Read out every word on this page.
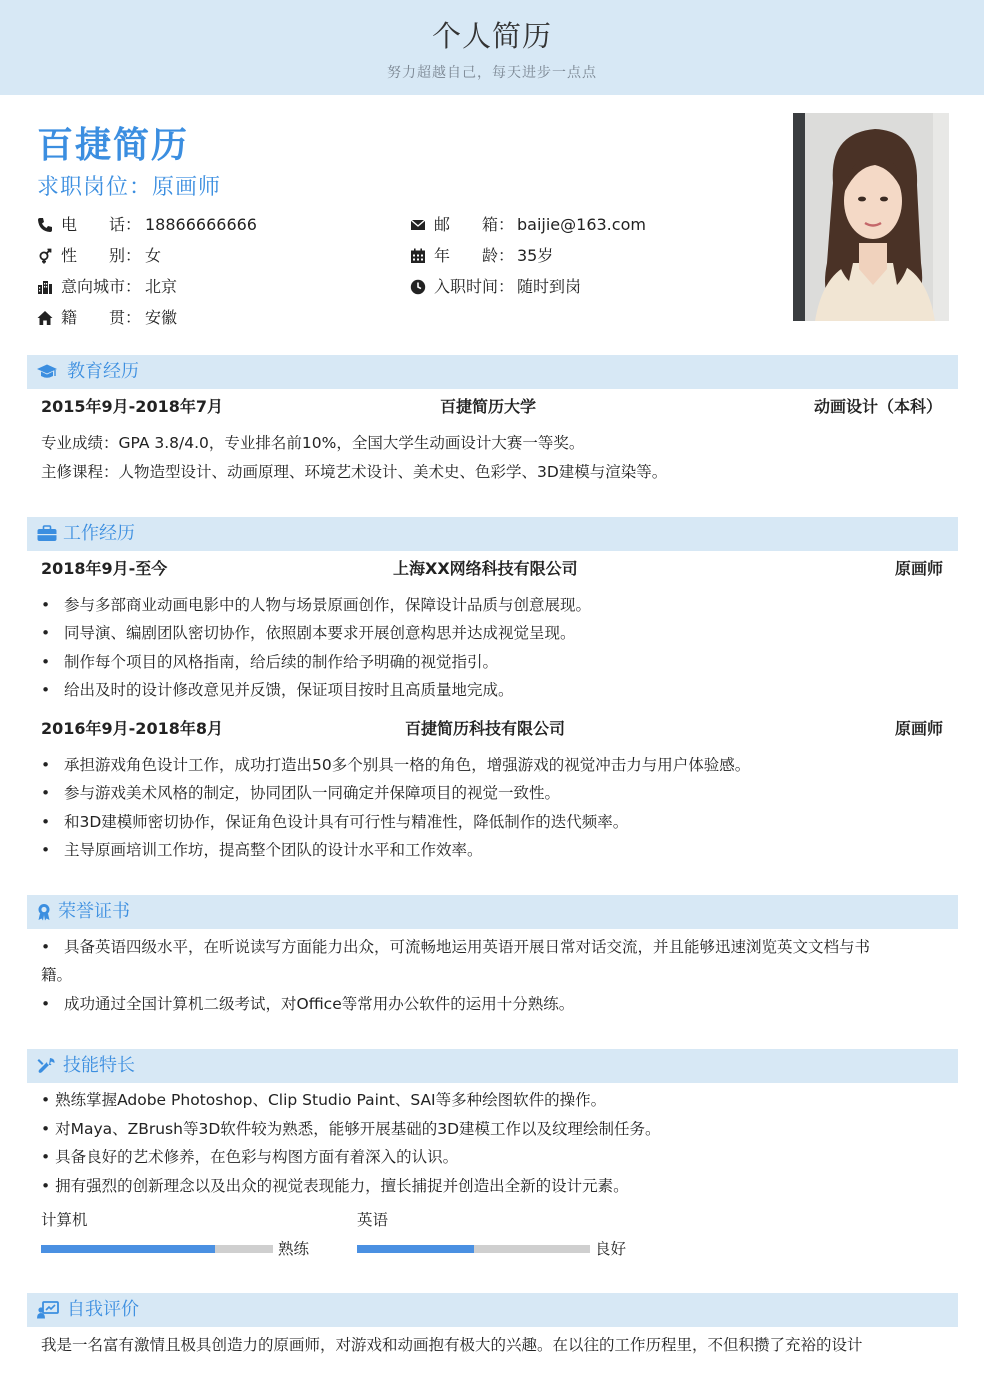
个人简历
努力超越自己，每天进步一点点
百捷简历
求职岗位：原画师
电　　话： 18866666666	邮　　箱： baijie@163.com
性　　别： 女	年　　龄： 35岁
意向城市： 北京	入职时间： 随时到岗
籍　　贯： 安徽
教育经历
2015年9月-2018年7月	百捷简历大学	动画设计（本科）
专业成绩：GPA 3.8/4.0，专业排名前10%，全国大学生动画设计大赛一等奖。
主修课程：人物造型设计、动画原理、环境艺术设计、美术史、色彩学、3D建模与渲染等。
工作经历
2018年9月-至今	上海XX网络科技有限公司	原画师
• 参与多部商业动画电影中的人物与场景原画创作，保障设计品质与创意展现。
• 同导演、编剧团队密切协作，依照剧本要求开展创意构思并达成视觉呈现。
• 制作每个项目的风格指南，给后续的制作给予明确的视觉指引。
• 给出及时的设计修改意见并反馈，保证项目按时且高质量地完成。
2016年9月-2018年8月	百捷简历科技有限公司	原画师
• 承担游戏角色设计工作，成功打造出50多个别具一格的角色，增强游戏的视觉冲击力与用户体验感。
• 参与游戏美术风格的制定，协同团队一同确定并保障项目的视觉一致性。
• 和3D建模师密切协作，保证角色设计具有可行性与精准性，降低制作的迭代频率。
• 主导原画培训工作坊，提高整个团队的设计水平和工作效率。
荣誉证书
• 具备英语四级水平，在听说读写方面能力出众，可流畅地运用英语开展日常对话交流，并且能够迅速浏览英文文档与书
籍。
• 成功通过全国计算机二级考试，对Office等常用办公软件的运用十分熟练。
技能特长
• 熟练掌握Adobe Photoshop、Clip Studio Paint、SAI等多种绘图软件的操作。
• 对Maya、ZBrush等3D软件较为熟悉，能够开展基础的3D建模工作以及纹理绘制任务。
• 具备良好的艺术修养，在色彩与构图方面有着深入的认识。
• 拥有强烈的创新理念以及出众的视觉表现能力，擅长捕捉并创造出全新的设计元素。
计算机
熟练
英语
良好
自我评价
我是一名富有激情且极具创造力的原画师，对游戏和动画抱有极大的兴趣。在以往的工作历程里，不但积攒了充裕的设计
